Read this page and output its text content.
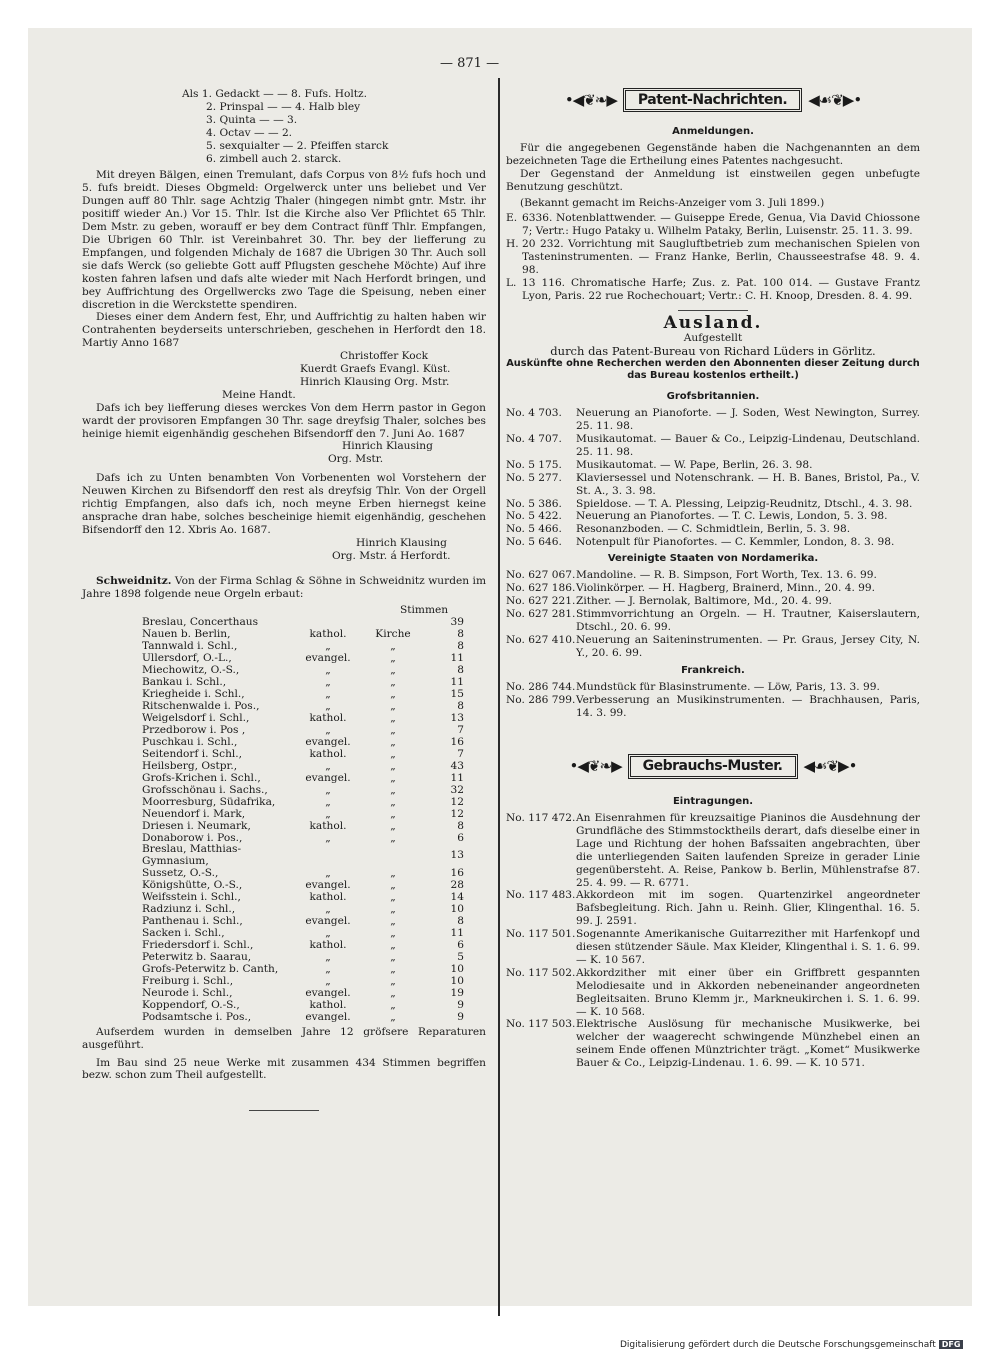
— 871 —
Als 1. Gedackt — — 8. Fufs. Holtz.
2. Prinspal — — 4. Halb bley
3. Quinta — — 3.
4. Octav — — 2.
5. sexquialter — 2. Pfeiffen starck
6. zimbell auch 2. starck.

Mit dreyen Bälgen, einen Tremulant, dafs Corpus von 8½ fufs hoch und 5. fufs breidt. Dieses Obgmeld: Orgelwerck unter uns beliebet und Ver Dungen auff 80 Thlr. sage Achtzig Thaler (hingegen nimbt gntr. Mstr. ihr positiff wieder An.) Vor 15. Thlr. Ist die Kirche also Ver Pflichtet 65 Thlr. Dem Mstr. zu geben, worauff er bey dem Contract fünff Thlr. Empfangen, Die Ubrigen 60 Thlr. ist Vereinbahret 30. Thr. bey der liefferung zu Empfangen, und folgenden Michaly de 1687 die Ubrigen 30 Thr. Auch soll sie dafs Werck (so geliebte Gott auff Pflugsten geschehe Möchte) Auf ihre kosten fahren lafsen und dafs alte wieder mit Nach Herfordt bringen, und bey Auffrichtung des Orgellwercks zwo Tage die Speisung, neben einer discretion in die Werckstette spendiren.

Dieses einer dem Andern fest, Ehr, und Auffrichtig zu halten haben wir Contrahenten beyderseits unterschrieben, geschehen in Herfordt den 18. Martiy Anno 1687

Christoffer Kock
Kuerdt Graefs Evangl. Küst.
Hinrich Klausing Org. Mstr.
Meine Handt.

Dafs ich bey liefferung dieses werckes Von dem Herrn pastor in Gegon wardt der provisoren Empfangen 30 Thr. sage dreyfsig Thaler, solches bes heinige hiemit eigenhändig geschehen Bifsendorff den 7. Juni Ao. 1687

Hinrich Klausing
Org. Mstr.

Dafs ich zu Unten benambten Von Vorbenenten wol Vorstehern der Neuwen Kirchen zu Bifsendorff den rest als dreyfsig Thlr. Von der Orgell richtig Empfangen, also dafs ich, noch meyne Erben hiernegst keine ansprache dran habe, solches bescheinige hiemit eigenhändig, geschehen Bifsendorff den 12. Xbris Ao. 1687.

Hinrich Klausing
Org. Mstr. á Herfordt.

Schweidnitz. Von der Firma Schlag & Söhne in Schweidnitz wurden im Jahre 1898 folgende neue Orgeln erbaut:

Stimmen
Breslau, Concerthaus			39
Nauen b. Berlin,	kathol.	Kirche	8
Tannwald i. Schl.,	„	„	8
Ullersdorf, O.-L.,	evangel.	„	11
Miechowitz, O.-S.,	„	„	8
Bankau i. Schl.,	„	„	11
Kriegheide i. Schl.,	„	„	15
Ritschenwalde i. Pos.,	„	„	8
Weigelsdorf i. Schl.,	kathol.	„	13
Przedborow i. Pos ,	„	„	7
Puschkau i. Schl.,	evangel.	„	16
Seitendorf i. Schl.,	kathol.	„	7
Heilsberg, Ostpr.,	„	„	43
Grofs-Krichen i. Schl.,	evangel.	„	11
Grofsschönau i. Sachs.,	„	„	32
Moorresburg, Südafrika,	„	„	12
Neuendorf i. Mark,	„	„	12
Driesen i. Neumark,	kathol.	„	8
Donaborow i. Pos.,	„	„	6
Breslau, Matthias-Gymnasium,			13
Sussetz, O.-S.,	„	„	16
Königshütte, O.-S.,	evangel.	„	28
Weifsstein i. Schl.,	kathol.	„	14
Radziunz i. Schl.,	„	„	10
Panthenau i. Schl.,	evangel.	„	8
Sacken i. Schl.,	„	„	11
Friedersdorf i. Schl.,	kathol.	„	6
Peterwitz b. Saarau,	„	„	5
Grofs-Peterwitz b. Canth,	„	„	10
Freiburg i. Schl.,	„	„	10
Neurode i. Schl.,	evangel.	„	19
Koppendorf, O.-S.,	kathol.	„	9
Podsamtsche i. Pos.,	evangel.	„	9

Aufserdem wurden in demselben Jahre 12 gröfsere Reparaturen ausgeführt.

Im Bau sind 25 neue Werke mit zusammen 434 Stimmen begriffen bezw. schon zum Theil aufgestellt.

•◀❦❧▶	Patent-Nachrichten.	◀☙❦▶•
Anmeldungen.

Für die angegebenen Gegenstände haben die Nachgenannten an dem bezeichneten Tage die Ertheilung eines Patentes nachgesucht.

Der Gegenstand der Anmeldung ist einstweilen gegen unbefugte Benutzung geschützt.

(Bekannt gemacht im Reichs-Anzeiger vom 3. Juli 1899.)

E. 6336. Notenblattwender. — Guiseppe Erede, Genua, Via David Chiossone 7; Vertr.: Hugo Pataky u. Wilhelm Pataky, Berlin, Luisenstr. 25. 11. 3. 99.
H. 20 232. Vorrichtung mit Saugluftbetrieb zum mechanischen Spielen von Tasteninstrumenten. — Franz Hanke, Berlin, Chausseestrafse 48. 9. 4. 98.
L. 13 116. Chromatische Harfe; Zus. z. Pat. 100 014. — Gustave Frantz Lyon, Paris. 22 rue Rochechouart; Vertr.: C. H. Knoop, Dresden. 8. 4. 99.
Ausland.
Aufgestellt
durch das Patent-Bureau von Richard Lüders in Görlitz.
Auskünfte ohne Recherchen werden den Abonnenten dieser Zeitung durch das Bureau kostenlos ertheilt.)
Grofsbritannien.
No. 4 703.	Neuerung an Pianoforte. — J. Soden, West Newington, Surrey. 25. 11. 98.
No. 4 707.	Musikautomat. — Bauer & Co., Leipzig-Lindenau, Deutschland. 25. 11. 98.
No. 5 175.	Musikautomat. — W. Pape, Berlin, 26. 3. 98.
No. 5 277.	Klaviersessel und Notenschrank. — H. B. Banes, Bristol, Pa., V. St. A., 3. 3. 98.
No. 5 386.	Spieldose. — T. A. Plessing, Leipzig-Reudnitz, Dtschl., 4. 3. 98.
No. 5 422.	Neuerung an Pianofortes. — T. C. Lewis, London, 5. 3. 98.
No. 5 466.	Resonanzboden. — C. Schmidtlein, Berlin, 5. 3. 98.
No. 5 646.	Notenpult für Pianofortes. — C. Kemmler, London, 8. 3. 98.
Vereinigte Staaten von Nordamerika.
No. 627 067. Mandoline. — R. B. Simpson, Fort Worth, Tex. 13. 6. 99.
No. 627 186. Violinkörper. — H. Hagberg, Brainerd, Minn., 20. 4. 99.
No. 627 221. Zither. — J. Bernolak, Baltimore, Md., 20. 4. 99.
No. 627 281. Stimmvorrichtung an Orgeln. — H. Trautner, Kaiserslautern, Dtschl., 20. 6. 99.
No. 627 410. Neuerung an Saiteninstrumenten. — Pr. Graus, Jersey City, N. Y., 20. 6. 99.
Frankreich.
No. 286 744. Mundstück für Blasinstrumente. — Löw, Paris, 13. 3. 99.
No. 286 799. Verbesserung an Musikinstrumenten. — Brachhausen, Paris, 14. 3. 99.
•◀❦❧▶	Gebrauchs-Muster.	◀☙❦▶•
Eintragungen.
No. 117 472. An Eisenrahmen für kreuzsaitige Pianinos die Ausdehnung der Grundfläche des Stimmstocktheils derart, dafs dieselbe einer in Lage und Richtung der hohen Bafssaiten angebrachten, über die unterliegenden Saiten laufenden Spreize in gerader Linie gegenübersteht. A. Reise, Pankow b. Berlin, Mühlenstrafse 87. 25. 4. 99. — R. 6771.
No. 117 483. Akkordeon mit im sogen. Quartenzirkel angeordneter Bafsbegleitung. Rich. Jahn u. Reinh. Glier, Klingenthal. 16. 5. 99. J. 2591.
No. 117 501. Sogenannte Amerikanische Guitarrezither mit Harfenkopf und diesen stützender Säule. Max Kleider, Klingenthal i. S. 1. 6. 99. — K. 10 567.
No. 117 502. Akkordzither mit einer über ein Griffbrett gespannten Melodiesaite und in Akkorden nebeneinander angeordneten Begleitsaiten. Bruno Klemm jr., Markneukirchen i. S. 1. 6. 99. — K. 10 568.
No. 117 503. Elektrische Auslösung für mechanische Musikwerke, bei welcher der waagerecht schwingende Münzhebel einen an seinem Ende offenen Münztrichter trägt. „Komet“ Musikwerke Bauer & Co., Leipzig-Lindenau. 1. 6. 99. — K. 10 571.
Digitalisierung gefördert durch die Deutsche Forschungsgemeinschaft DFG
